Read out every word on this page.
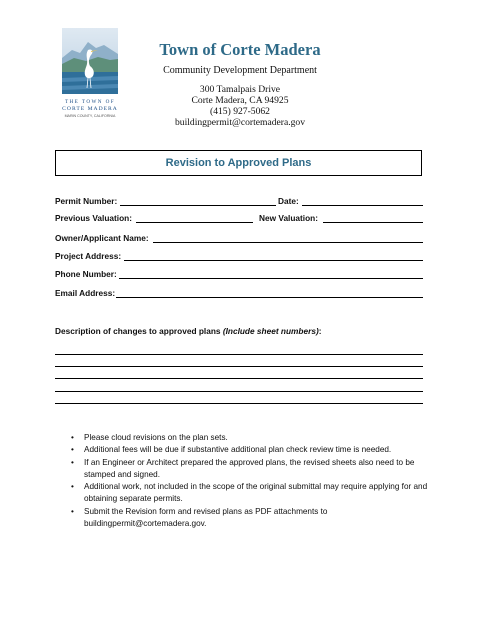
THE TOWN OF
CORTE MADERA
MARIN COUNTY, CALIFORNIA
Town of Corte Madera
Community Development Department
300 Tamalpais Drive
Corte Madera, CA 94925
(415) 927-5062
buildingpermit@cortemadera.gov
Revision to Approved Plans
Permit Number:	Date:
Previous Valuation:	New Valuation:
Owner/Applicant Name:
Project Address:
Phone Number:
Email Address:
Description of changes to approved plans (Include sheet numbers):
• Please cloud revisions on the plan sets.
• Additional fees will be due if substantive additional plan check review time is needed.
• If an Engineer or Architect prepared the approved plans, the revised sheets also need to be stamped and signed.
• Additional work, not included in the scope of the original submittal may require applying for and obtaining separate permits.
• Submit the Revision form and revised plans as PDF attachments to buildingpermit@cortemadera.gov.
